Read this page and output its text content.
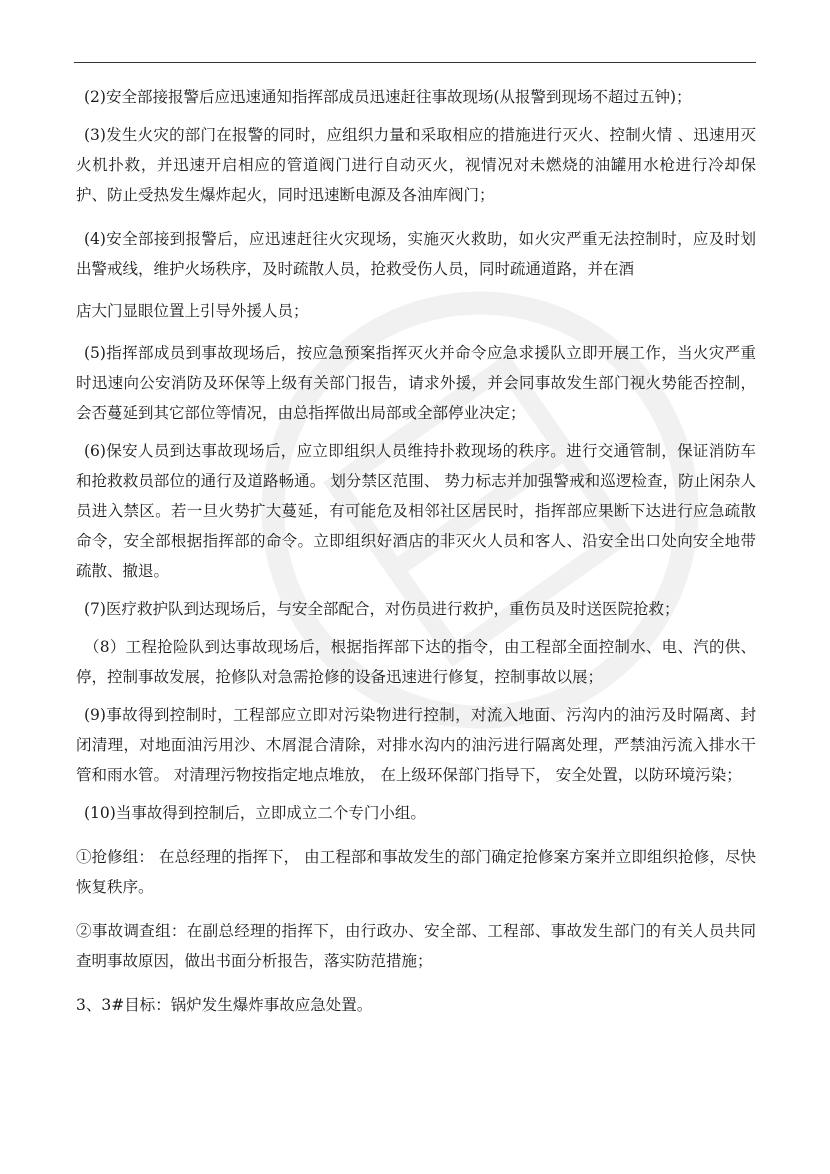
(2)安全部接报警后应迅速通知指挥部成员迅速赶往事故现场(从报警到现场不超过五钟)；

(3)发生火灾的部门在报警的同时，应组织力量和采取相应的措施进行灭火、控制火情 、迅速用灭火机扑救，并迅速开启相应的管道阀门进行自动灭火，视情况对未燃烧的油罐用水枪进行冷却保护、防止受热发生爆炸起火，同时迅速断电源及各油库阀门；

(4)安全部接到报警后，应迅速赶往火灾现场，实施灭火救助，如火灾严重无法控制时，应及时划出警戒线，维护火场秩序，及时疏散人员，抢救受伤人员，同时疏通道路，并在酒

店大门显眼位置上引导外援人员；

(5)指挥部成员到事故现场后，按应急预案指挥灭火并命令应急求援队立即开展工作，当火灾严重时迅速向公安消防及环保等上级有关部门报告，请求外援，并会同事故发生部门视火势能否控制，会否蔓延到其它部位等情况，由总指挥做出局部或全部停业决定；

(6)保安人员到达事故现场后，应立即组织人员维持扑救现场的秩序。进行交通管制，保证消防车和抢救救员部位的通行及道路畅通。 划分禁区范围、 势力标志并加强警戒和巡逻检查，防止闲杂人员进入禁区。若一旦火势扩大蔓延，有可能危及相邻社区居民时，指挥部应果断下达进行应急疏散命令，安全部根据指挥部的命令。立即组织好酒店的非灭火人员和客人、沿安全出口处向安全地带疏散、撤退。

(7)医疗救护队到达现场后，与安全部配合，对伤员进行救护，重伤员及时送医院抢救；

（8）工程抢险队到达事故现场后，根据指挥部下达的指令，由工程部全面控制水、电、汽的供、停，控制事故发展，抢修队对急需抢修的设备迅速进行修复，控制事故以展；

(9)事故得到控制时，工程部应立即对污染物进行控制，对流入地面、污沟内的油污及时隔离、封闭清理，对地面油污用沙、木屑混合清除，对排水沟内的油污进行隔离处理，严禁油污流入排水干管和雨水管。 对清理污物按指定地点堆放， 在上级环保部门指导下， 安全处置，以防环境污染；

(10)当事故得到控制后，立即成立二个专门小组。

①抢修组： 在总经理的指挥下， 由工程部和事故发生的部门确定抢修案方案并立即组织抢修，尽快恢复秩序。

②事故调查组：在副总经理的指挥下，由行政办、安全部、工程部、事故发生部门的有关人员共同查明事故原因，做出书面分析报告，落实防范措施；

3、3#目标：锅炉发生爆炸事故应急处置。
